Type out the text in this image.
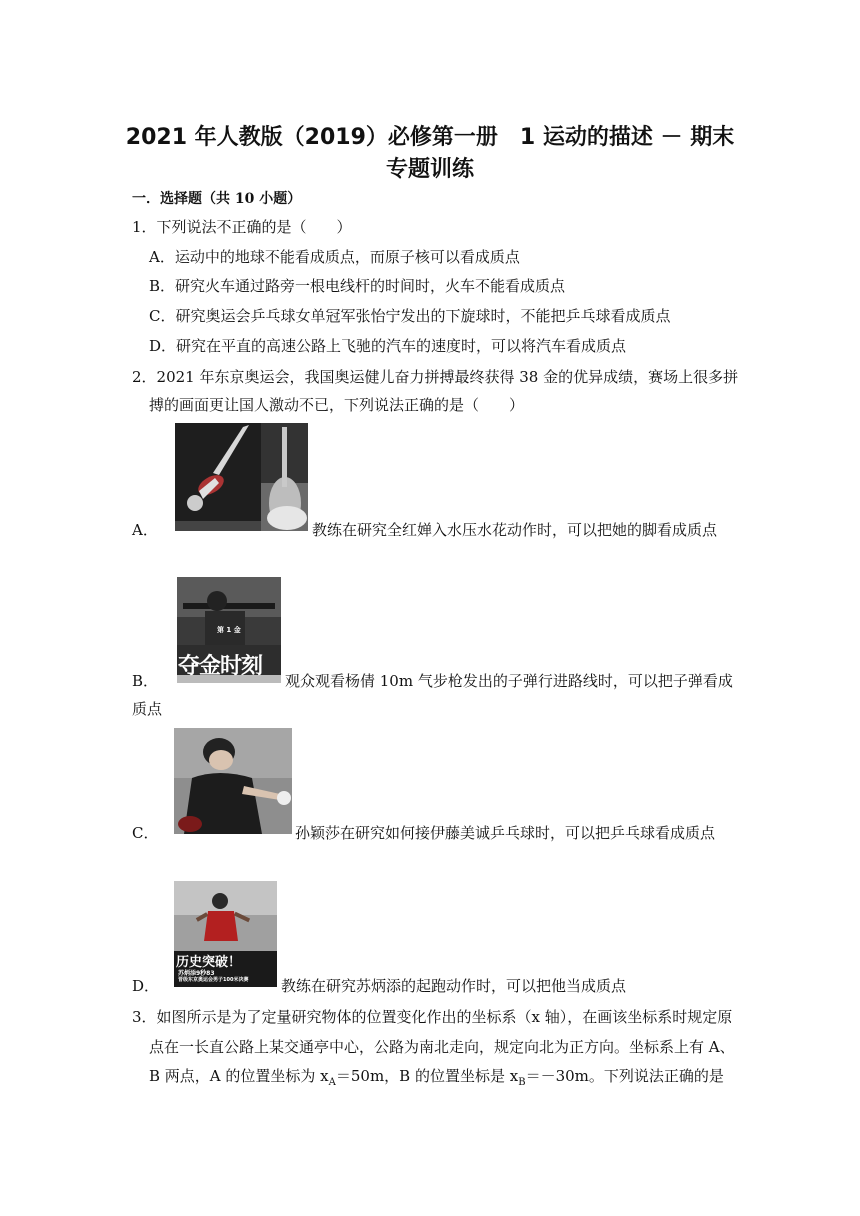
2021 年人教版（2019）必修第一册　1 运动的描述 － 期末
专题训练
一．选择题（共 10 小题）
1．下列说法不正确的是（　　）
A．运动中的地球不能看成质点，而原子核可以看成质点
B．研究火车通过路旁一根电线杆的时间时，火车不能看成质点
C．研究奥运会乒乓球女单冠军张怡宁发出的下旋球时，不能把乒乓球看成质点
D．研究在平直的高速公路上飞驰的汽车的速度时，可以将汽车看成质点
2．2021 年东京奥运会，我国奥运健儿奋力拼搏最终获得 38 金的优异成绩，赛场上很多拼
搏的画面更让国人激动不已，下列说法正确的是（　　）
A．	教练在研究全红婵入水压水花动作时，可以把她的脚看成质点
第 1 金
夺金时刻
B．	观众观看杨倩 10m 气步枪发出的子弹行进路线时，可以把子弹看成
质点
C．	孙颖莎在研究如何接伊藤美诚乒乓球时，可以把乒乓球看成质点
历史突破！
苏炳添9秒83
晋级东京奥运会男子100米决赛
D．	教练在研究苏炳添的起跑动作时，可以把他当成质点
3．如图所示是为了定量研究物体的位置变化作出的坐标系（x 轴），在画该坐标系时规定原
点在一长直公路上某交通亭中心，公路为南北走向，规定向北为正方向。坐标系上有 A、
B 两点，A 的位置坐标为 $x_A=50m$，B 的位置坐标是 $x_B=-30m$。下列说法正确的是
